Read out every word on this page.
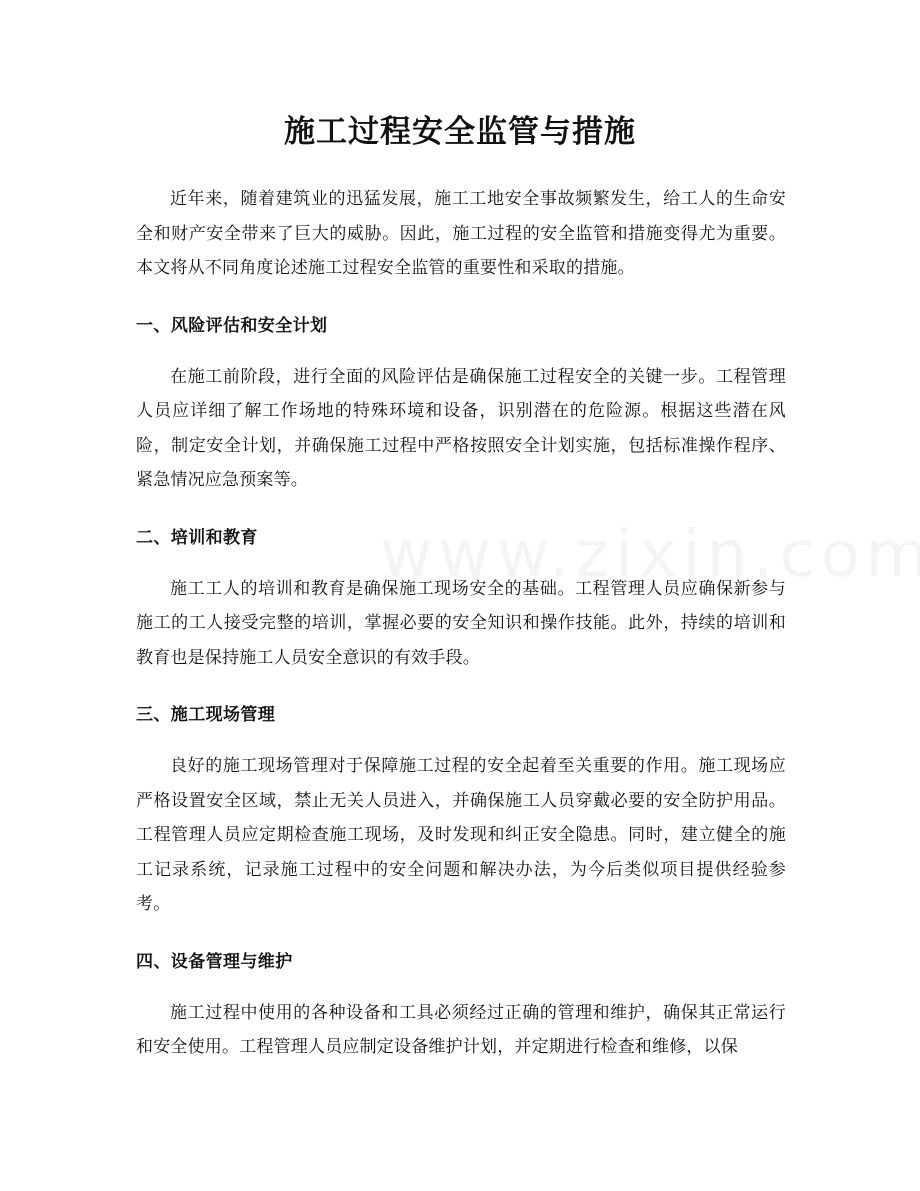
施工过程安全监管与措施

近年来，随着建筑业的迅猛发展，施工工地安全事故频繁发生，给工人的生命安全和财产安全带来了巨大的威胁。因此，施工过程的安全监管和措施变得尤为重要。本文将从不同角度论述施工过程安全监管的重要性和采取的措施。

一、风险评估和安全计划

在施工前阶段，进行全面的风险评估是确保施工过程安全的关键一步。工程管理人员应详细了解工作场地的特殊环境和设备，识别潜在的危险源。根据这些潜在风险，制定安全计划，并确保施工过程中严格按照安全计划实施，包括标准操作程序、紧急情况应急预案等。

二、培训和教育

施工工人的培训和教育是确保施工现场安全的基础。工程管理人员应确保新参与施工的工人接受完整的培训，掌握必要的安全知识和操作技能。此外，持续的培训和教育也是保持施工人员安全意识的有效手段。

三、施工现场管理

良好的施工现场管理对于保障施工过程的安全起着至关重要的作用。施工现场应严格设置安全区域，禁止无关人员进入，并确保施工人员穿戴必要的安全防护用品。工程管理人员应定期检查施工现场，及时发现和纠正安全隐患。同时，建立健全的施工记录系统，记录施工过程中的安全问题和解决办法，为今后类似项目提供经验参考。

四、设备管理与维护

施工过程中使用的各种设备和工具必须经过正确的管理和维护，确保其正常运行和安全使用。工程管理人员应制定设备维护计划，并定期进行检查和维修，以保
